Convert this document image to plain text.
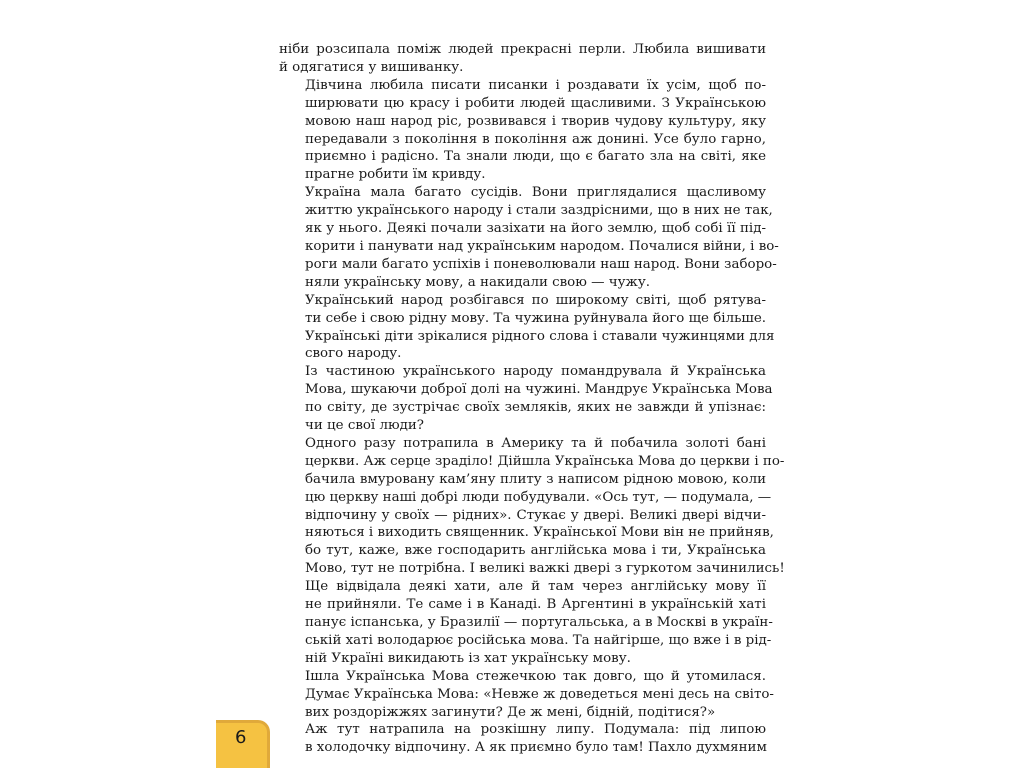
ніби розсипала поміж людей прекрасні перли. Любила вишивати
й одягатися у вишиванку.
Дівчина любила писати писанки і роздавати їх усім, щоб по-
ширювати цю красу і робити людей щасливими. З Українською
мовою наш народ ріс, розвивався і творив чудову культуру, яку
передавали з покоління в покоління аж донині. Усе було гарно,
приємно і радісно. Та знали люди, що є багато зла на світі, яке
прагне робити їм кривду.
Україна мала багато сусідів. Вони приглядалися щасливому
життю українського народу і стали заздрісними, що в них не так,
як у нього. Деякі почали зазіхати на його землю, щоб собі її під-
корити і панувати над українським народом. Почалися війни, і во-
роги мали багато успіхів і поневолювали наш народ. Вони заборо-
няли українську мову, а накидали свою — чужу.
Український народ розбігався по широкому світі, щоб рятува-
ти себе і свою рідну мову. Та чужина руйнувала його ще більше.
Українські діти зрікалися рідного слова і ставали чужинцями для
свого народу.
Із частиною українського народу помандрувала й Українська
Мова, шукаючи доброї долі на чужині. Мандрує Українська Мова
по світу, де зустрічає своїх земляків, яких не завжди й упізнає:
чи це свої люди?
Одного разу потрапила в Америку та й побачила золоті бані
церкви. Аж серце зраділо! Дійшла Українська Мова до церкви і по-
бачила вмуровану кам’яну плиту з написом рідною мовою, коли
цю церкву наші добрі люди побудували. «Ось тут, — подумала, —
відпочину у своїх — рідних». Стукає у двері. Великі двері відчи-
няються і виходить священник. Української Мови він не прийняв,
бо тут, каже, вже господарить англійська мова і ти, Українська
Мово, тут не потрібна. І великі важкі двері з гуркотом зачинились!
Ще відвідала деякі хати, але й там через англійську мову її
не прийняли. Те саме і в Канаді. В Аргентині в українській хаті
панує іспанська, у Бразилії — португальська, а в Москві в україн-
ській хаті володарює російська мова. Та найгірше, що вже і в рід-
ній Україні викидають із хат українську мову.
Ішла Українська Мова стежечкою так довго, що й утомилася.
Думає Українська Мова: «Невже ж доведеться мені десь на світо-
вих роздоріжжях загинути? Де ж мені, бідній, подітися?»
Аж тут натрапила на розкішну липу. Подумала: під липою
в холодочку відпочину. А як приємно було там! Пахло духмяним
6
